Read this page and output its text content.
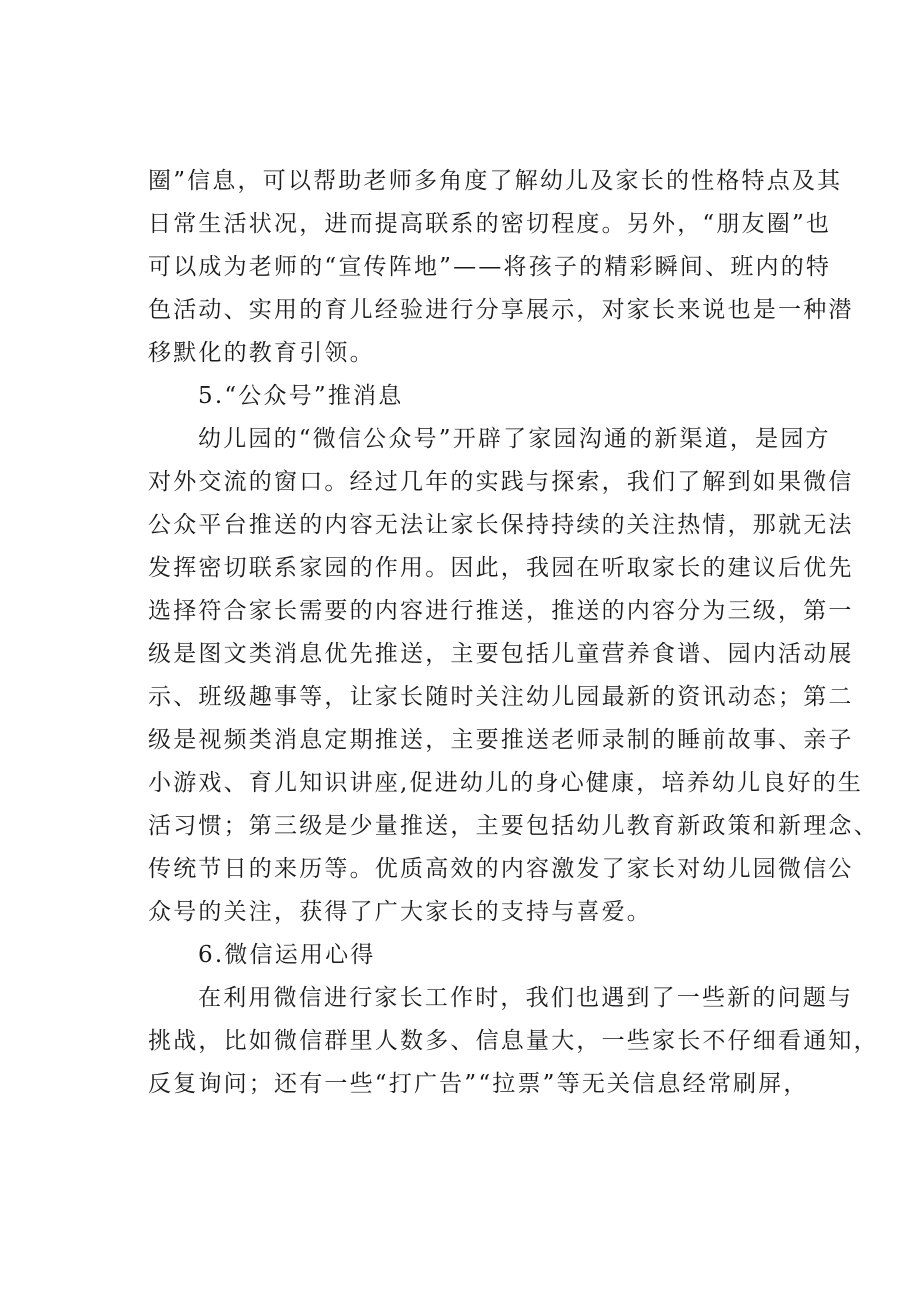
圈”信息，可以帮助老师多角度了解幼儿及家长的性格特点及其
日常生活状况，进而提高联系的密切程度。另外，“朋友圈”也
可以成为老师的“宣传阵地”——将孩子的精彩瞬间、班内的特
色活动、实用的育儿经验进行分享展示，对家长来说也是一种潜
移默化的教育引领。
5.“公众号”推消息
幼儿园的“微信公众号”开辟了家园沟通的新渠道，是园方
对外交流的窗口。经过几年的实践与探索，我们了解到如果微信
公众平台推送的内容无法让家长保持持续的关注热情，那就无法
发挥密切联系家园的作用。因此，我园在听取家长的建议后优先
选择符合家长需要的内容进行推送，推送的内容分为三级，第一
级是图文类消息优先推送，主要包括儿童营养食谱、园内活动展
示、班级趣事等，让家长随时关注幼儿园最新的资讯动态；第二
级是视频类消息定期推送，主要推送老师录制的睡前故事、亲子
小游戏、育儿知识讲座,促进幼儿的身心健康，培养幼儿良好的生
活习惯；第三级是少量推送，主要包括幼儿教育新政策和新理念、
传统节日的来历等。优质高效的内容激发了家长对幼儿园微信公
众号的关注，获得了广大家长的支持与喜爱。
6.微信运用心得
在利用微信进行家长工作时，我们也遇到了一些新的问题与
挑战，比如微信群里人数多、信息量大，一些家长不仔细看通知，
反复询问；还有一些“打广告”“拉票”等无关信息经常刷屏，
